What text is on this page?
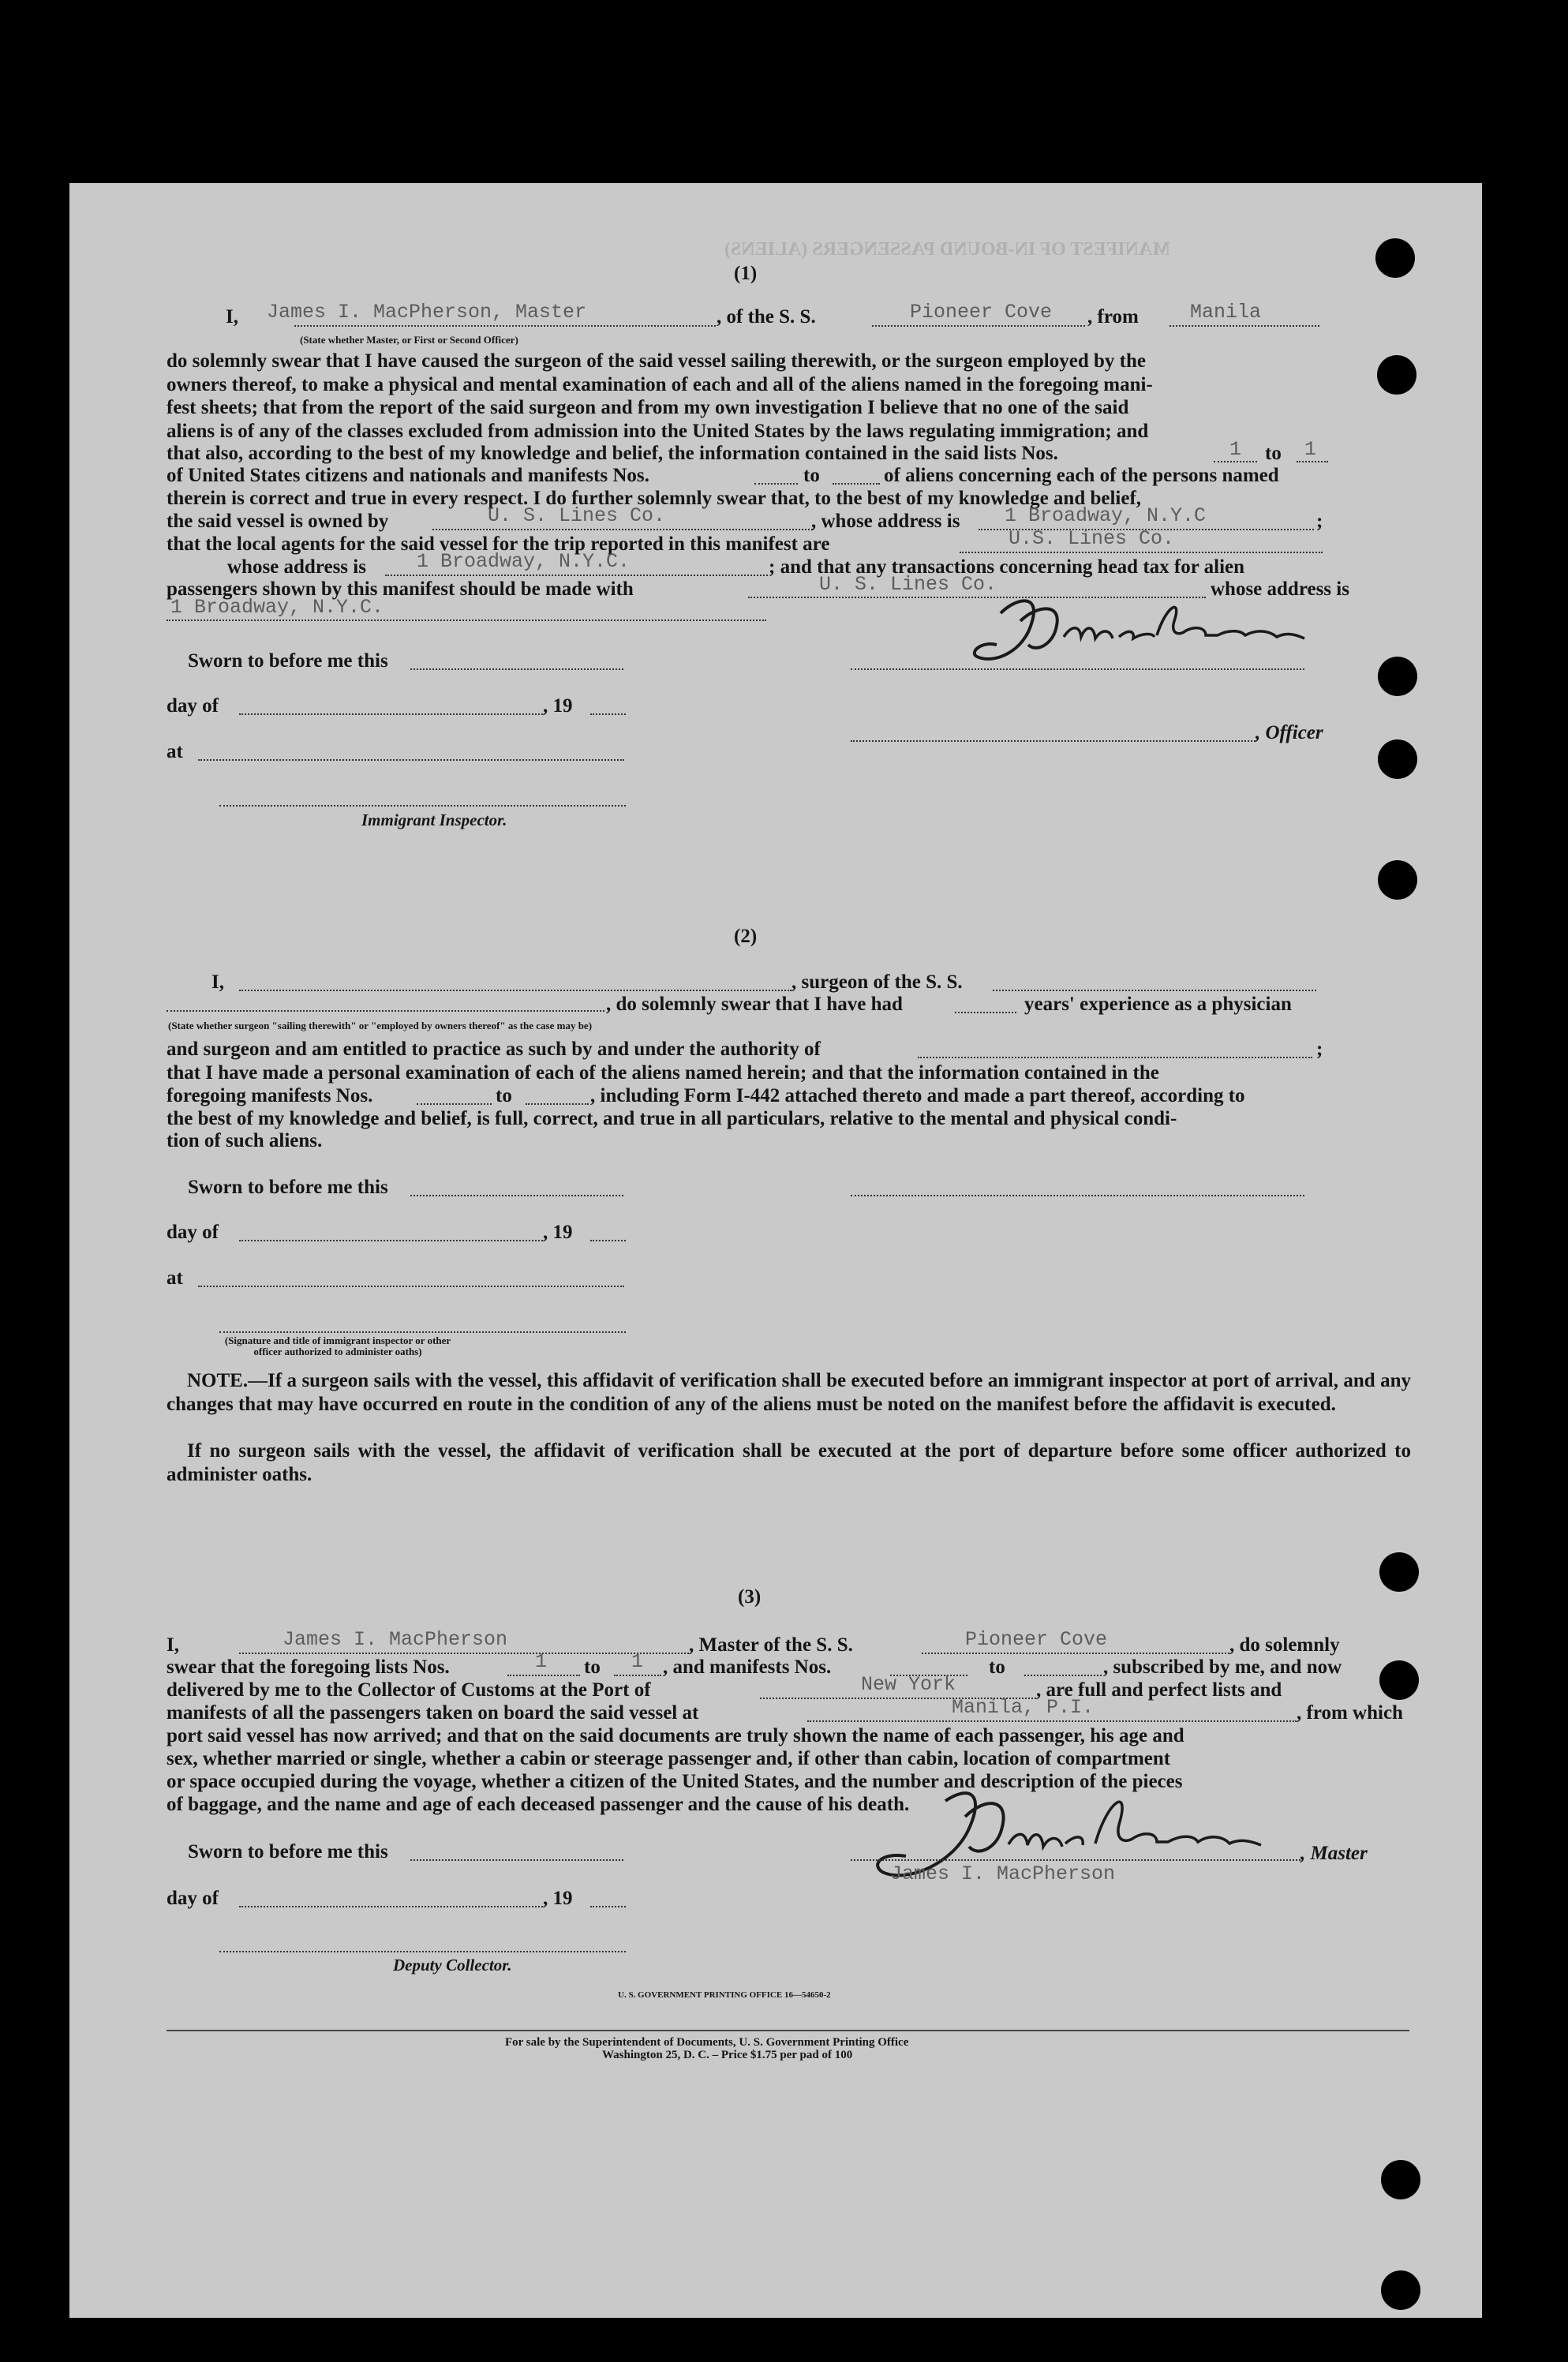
MANIFEST OF IN-BOUND PASSENGERS (ALIENS)
(1)
I, James I. MacPherson, Master	, of the S. S.	Pioneer Cove , from	Manila
(State whether Master, or First or Second Officer)
do solemnly swear that I have caused the surgeon of the said vessel sailing therewith, or the surgeon employed by the
owners thereof, to make a physical and mental examination of each and all of the aliens named in the foregoing mani-
fest sheets; that from the report of the said surgeon and from my own investigation I believe that no one of the said
aliens is of any of the classes excluded from admission into the United States by the laws regulating immigration; and
that also, according to the best of my knowledge and belief, the information contained in the said lists Nos.	1 to 1
of United States citizens and nationals and manifests Nos.	to	of aliens concerning each of the persons named
therein is correct and true in every respect. I do further solemnly swear that, to the best of my knowledge and belief,
the said vessel is owned by	U. S. Lines Co.	, whose address is 1 Broadway, N.Y.C	;
that the local agents for the said vessel for the trip reported in this manifest are	U.S. Lines Co.
whose address is	1 Broadway, N.Y.C.	; and that any transactions concerning head tax for alien
passengers shown by this manifest should be made with	U. S. Lines Co.	whose address is
1 Broadway, N.Y.C.
Sworn to before me this
day of	, 19
, Officer
at
Immigrant Inspector.
(2)
I,	, surgeon of the S. S.
, do solemnly swear that I have had	years' experience as a physician
(State whether surgeon "sailing therewith" or "employed by owners thereof" as the case may be)
and surgeon and am entitled to practice as such by and under the authority of	;
that I have made a personal examination of each of the aliens named herein; and that the information contained in the
foregoing manifests Nos.	to	, including Form I-442 attached thereto and made a part thereof, according to
the best of my knowledge and belief, is full, correct, and true in all particulars, relative to the mental and physical condi-
tion of such aliens.
Sworn to before me this
day of	, 19
at
(Signature and title of immigrant inspector or other officer authorized to administer oaths)
NOTE.—If a surgeon sails with the vessel, this affidavit of verification shall be executed before an immigrant inspector at port of arrival, and any changes that may have occurred en route in the condition of any of the aliens must be noted on the manifest before the affidavit is executed.
If no surgeon sails with the vessel, the affidavit of verification shall be executed at the port of departure before some officer authorized to administer oaths.
(3)
I,	James I. MacPherson	, Master of the S. S.	Pioneer Cove	, do solemnly
swear that the foregoing lists Nos.	1 to 1 , and manifests Nos.	to	, subscribed by me, and now
delivered by me to the Collector of Customs at the Port of	New York	, are full and perfect lists and
manifests of all the passengers taken on board the said vessel at	Manila, P.I.	, from which
port said vessel has now arrived; and that on the said documents are truly shown the name of each passenger, his age and
sex, whether married or single, whether a cabin or steerage passenger and, if other than cabin, location of compartment
or space occupied during the voyage, whether a citizen of the United States, and the number and description of the pieces
of baggage, and the name and age of each deceased passenger and the cause of his death.
Sworn to before me this	, Master
James I. MacPherson
day of	, 19
Deputy Collector.
U. S. GOVERNMENT PRINTING OFFICE 16—54650-2
For sale by the Superintendent of Documents, U. S. Government Printing Office
Washington 25, D. C. – Price $1.75 per pad of 100
